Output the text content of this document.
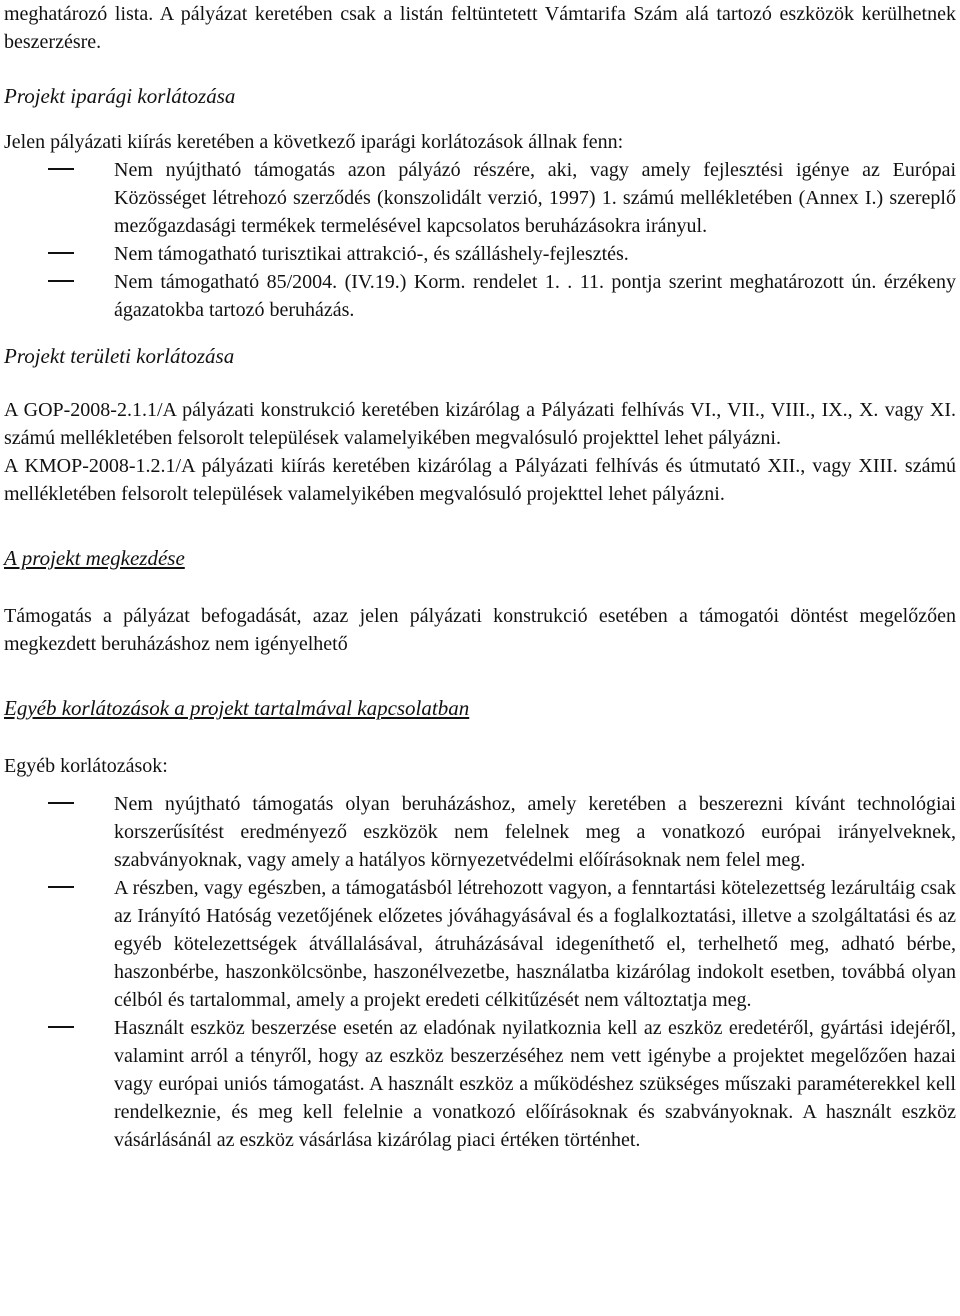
meghatározó lista. A pályázat keretében csak a listán feltüntetett Vámtarifa Szám alá tartozó eszközök kerülhetnek beszerzésre.

Projekt iparági korlátozása

Jelen pályázati kiírás keretében a következő iparági korlátozások állnak fenn:

Nem nyújtható támogatás azon pályázó részére, aki, vagy amely fejlesztési igénye az Európai Közösséget létrehozó szerződés (konszolidált verzió, 1997) 1. számú mellékletében (Annex I.) szereplő mezőgazdasági termékek termelésével kapcsolatos beruházásokra irányul.
Nem támogatható turisztikai attrakció-, és szálláshely-fejlesztés.
Nem támogatható 85/2004. (IV.19.) Korm. rendelet 1. . 11. pontja szerint meghatározott ún. érzékeny ágazatokba tartozó beruházás.

Projekt területi korlátozása

A GOP-2008-2.1.1/A pályázati konstrukció keretében kizárólag a Pályázati felhívás VI., VII., VIII., IX., X. vagy XI. számú mellékletében felsorolt települések valamelyikében megvalósuló projekttel lehet pályázni.

A KMOP-2008-1.2.1/A pályázati kiírás keretében kizárólag a Pályázati felhívás és útmutató XII., vagy XIII. számú mellékletében felsorolt települések valamelyikében megvalósuló projekttel lehet pályázni.

A projekt megkezdése

Támogatás a pályázat befogadását, azaz jelen pályázati konstrukció esetében a támogatói döntést megelőzően megkezdett beruházáshoz nem igényelhető

Egyéb korlátozások a projekt tartalmával kapcsolatban

Egyéb korlátozások:

Nem nyújtható támogatás olyan beruházáshoz, amely keretében a beszerezni kívánt technológiai korszerűsítést eredményező eszközök nem felelnek meg a vonatkozó európai irányelveknek, szabványoknak, vagy amely a hatályos környezetvédelmi előírásoknak nem felel meg.
A részben, vagy egészben, a támogatásból létrehozott vagyon, a fenntartási kötelezettség lezárultáig csak az Irányító Hatóság vezetőjének előzetes jóváhagyásával és a foglalkoztatási, illetve a szolgáltatási és az egyéb kötelezettségek átvállalásával, átruházásával idegeníthető el, terhelhető meg, adható bérbe, haszonbérbe, haszonkölcsönbe, haszonélvezetbe, használatba kizárólag indokolt esetben, továbbá olyan célból és tartalommal, amely a projekt eredeti célkitűzését nem változtatja meg.
Használt eszköz beszerzése esetén az eladónak nyilatkoznia kell az eszköz eredetéről, gyártási idejéről, valamint arról a tényről, hogy az eszköz beszerzéséhez nem vett igénybe a projektet megelőzően hazai vagy európai uniós támogatást. A használt eszköz a működéshez szükséges műszaki paraméterekkel kell rendelkeznie, és meg kell felelnie a vonatkozó előírásoknak és szabványoknak. A használt eszköz vásárlásánál az eszköz vásárlása kizárólag piaci értéken történhet.
